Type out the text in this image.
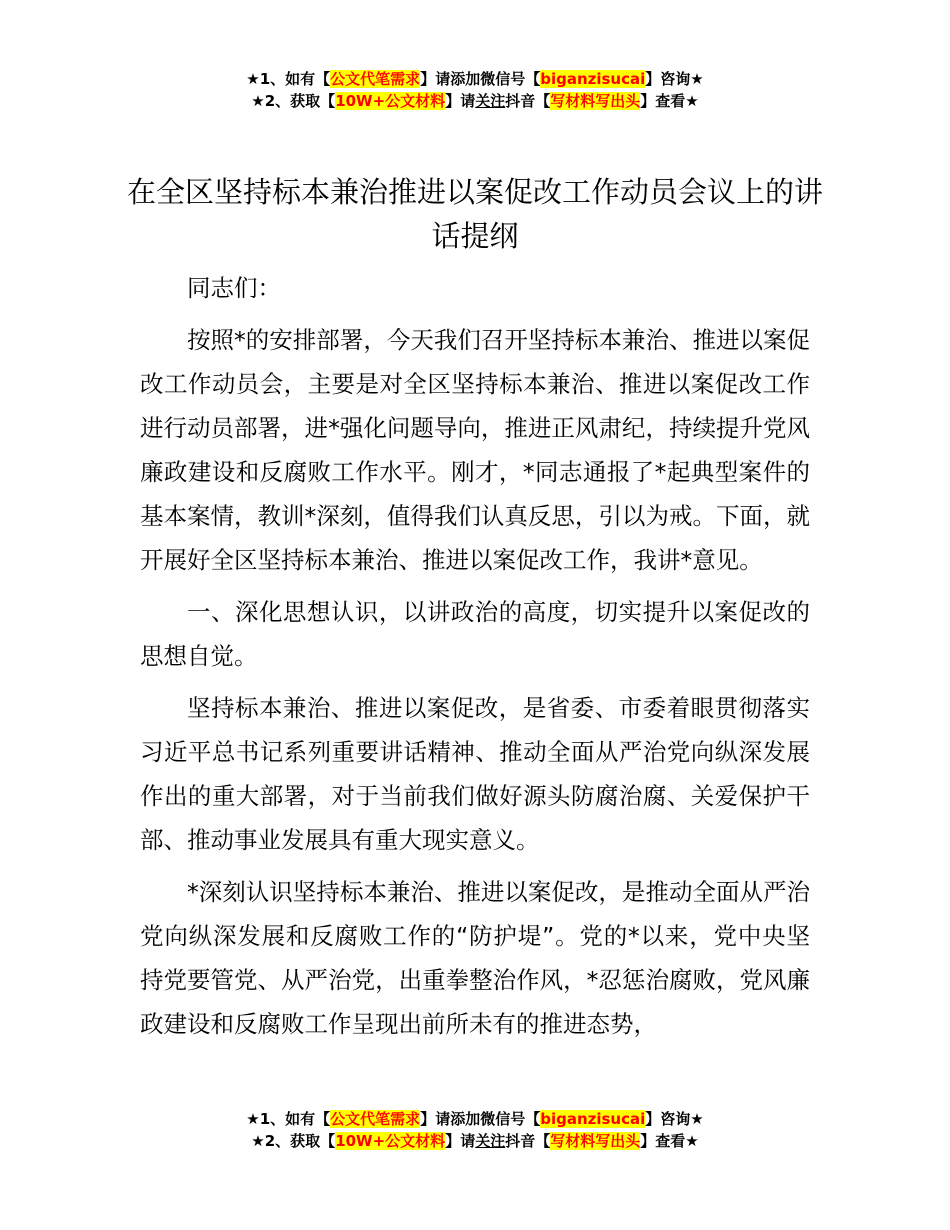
★1、如有【公文代笔需求】请添加微信号【biganzisucai】咨询★
★2、获取【10W+公文材料】请关注抖音【写材料写出头】查看★
在全区坚持标本兼治推进以案促改工作动员会议上的讲话提纲

同志们：

按照*的安排部署，今天我们召开坚持标本兼治、推进以案促改工作动员会，主要是对全区坚持标本兼治、推进以案促改工作进行动员部署，进*强化问题导向，推进正风肃纪，持续提升党风廉政建设和反腐败工作水平。刚才，*同志通报了*起典型案件的基本案情，教训*深刻，值得我们认真反思，引以为戒。下面，就开展好全区坚持标本兼治、推进以案促改工作，我讲*意见。

一、深化思想认识，以讲政治的高度，切实提升以案促改的思想自觉。

坚持标本兼治、推进以案促改，是省委、市委着眼贯彻落实习近平总书记系列重要讲话精神、推动全面从严治党向纵深发展作出的重大部署，对于当前我们做好源头防腐治腐、关爱保护干部、推动事业发展具有重大现实意义。

*深刻认识坚持标本兼治、推进以案促改，是推动全面从严治党向纵深发展和反腐败工作的“防护堤”。党的*以来，党中央坚持党要管党、从严治党，出重拳整治作风，*忍惩治腐败，党风廉政建设和反腐败工作呈现出前所未有的推进态势，

★1、如有【公文代笔需求】请添加微信号【biganzisucai】咨询★
★2、获取【10W+公文材料】请关注抖音【写材料写出头】查看★
